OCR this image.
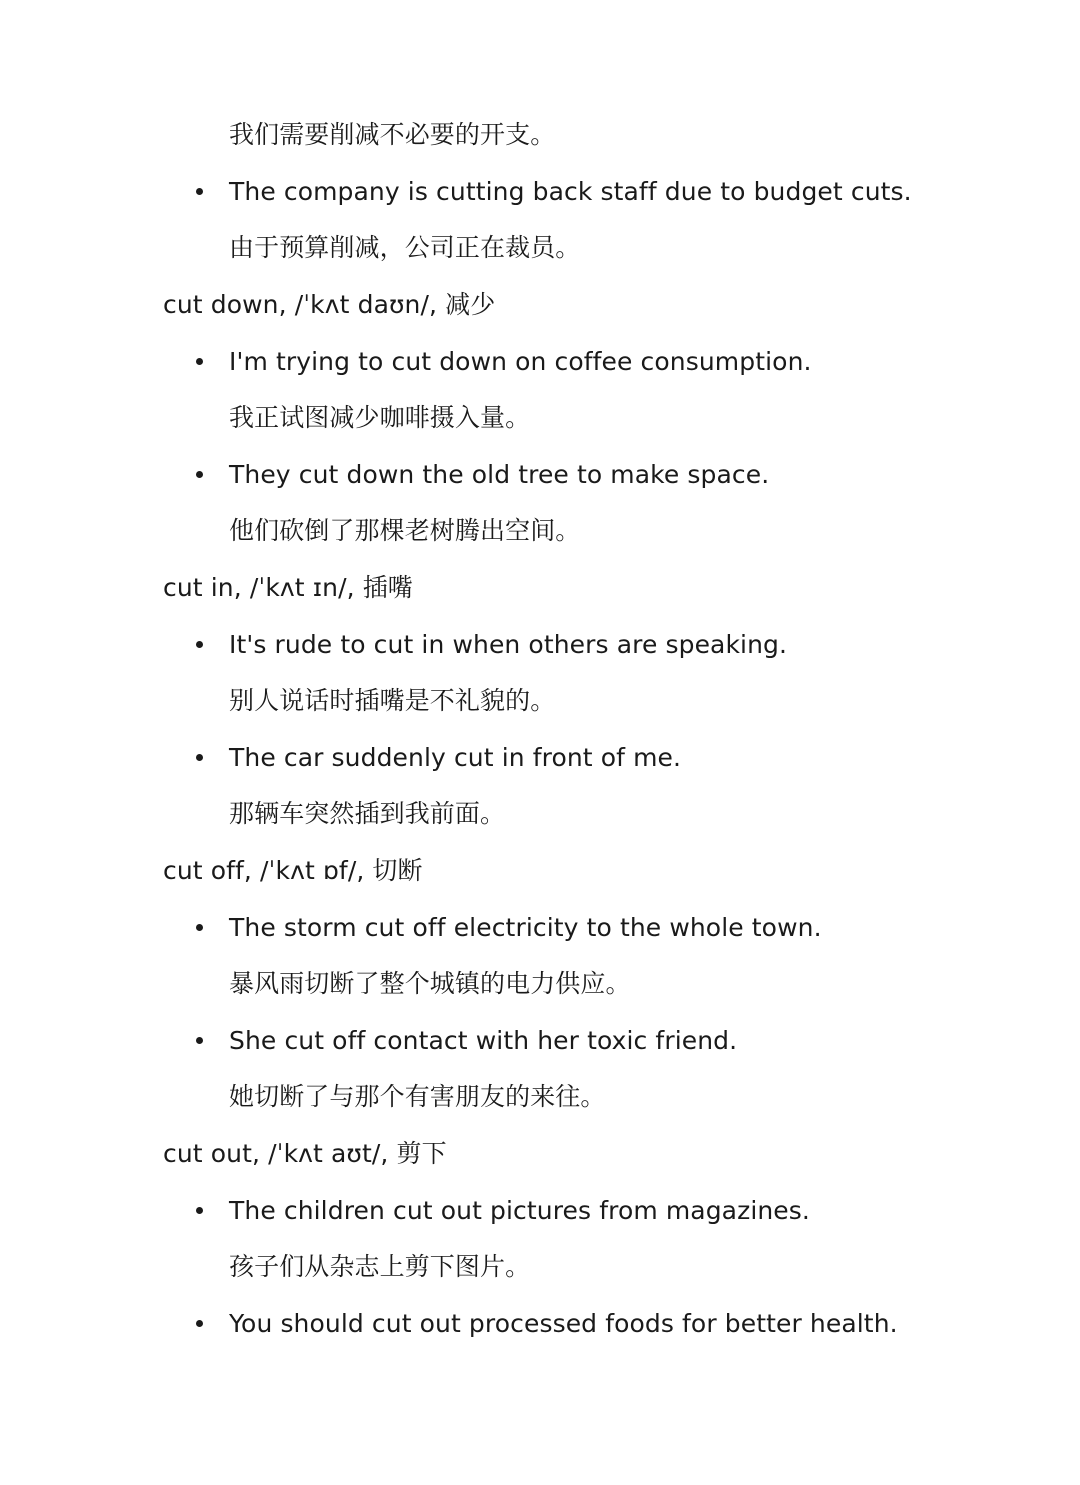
我们需要削减不必要的开支。
The company is cutting back staff due to budget cuts.
由于预算削减，公司正在裁员。
cut down, /ˈkʌt daʊn/, 减少
I'm trying to cut down on coffee consumption.
我正试图减少咖啡摄入量。
They cut down the old tree to make space.
他们砍倒了那棵老树腾出空间。
cut in, /ˈkʌt ɪn/, 插嘴
It's rude to cut in when others are speaking.
别人说话时插嘴是不礼貌的。
The car suddenly cut in front of me.
那辆车突然插到我前面。
cut off, /ˈkʌt ɒf/, 切断
The storm cut off electricity to the whole town.
暴风雨切断了整个城镇的电力供应。
She cut off contact with her toxic friend.
她切断了与那个有害朋友的来往。
cut out, /ˈkʌt aʊt/, 剪下
The children cut out pictures from magazines.
孩子们从杂志上剪下图片。
You should cut out processed foods for better health.
